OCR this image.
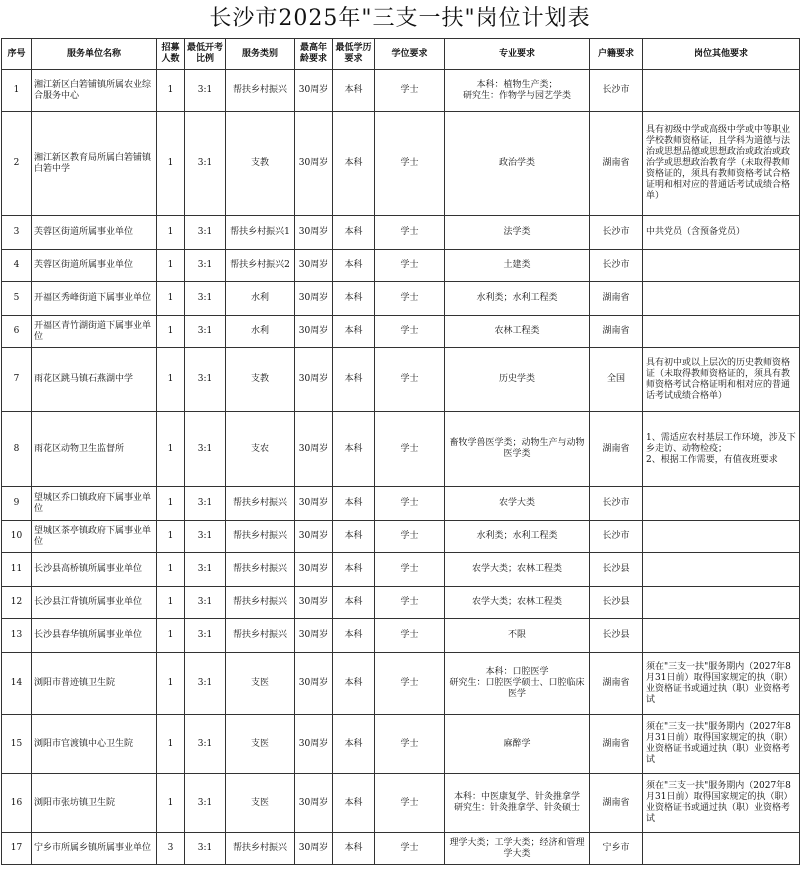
长沙市2025年"三支一扶"岗位计划表
序号	服务单位名称	招募人数	最低开考比例	服务类别	最高年龄要求	最低学历要求	学位要求	专业要求	户籍要求	岗位其他要求
1	湘江新区白箬铺镇所属农业综合服务中心	1	3:1	帮扶乡村振兴	30周岁	本科	学士	本科：植物生产类；
研究生：作物学与园艺学类	长沙市	
2	湘江新区教育局所属白箬铺镇白箬中学	1	3:1	支教	30周岁	本科	学士	政治学类	湖南省	具有初级中学或高级中学或中等职业学校教师资格证，且学科为道德与法治或思想品德或思想政治或政治或政治学或思想政治教育学（未取得教师资格证的，须具有教师资格考试合格证明和相对应的普通话考试成绩合格单）
3	芙蓉区街道所属事业单位	1	3:1	帮扶乡村振兴1	30周岁	本科	学士	法学类	长沙市	中共党员（含预备党员）
4	芙蓉区街道所属事业单位	1	3:1	帮扶乡村振兴2	30周岁	本科	学士	土建类	长沙市	
5	开福区秀峰街道下属事业单位	1	3:1	水利	30周岁	本科	学士	水利类；水利工程类	湖南省	
6	开福区青竹湖街道下属事业单位	1	3:1	水利	30周岁	本科	学士	农林工程类	湖南省	
7	雨花区跳马镇石燕湖中学	1	3:1	支教	30周岁	本科	学士	历史学类	全国	具有初中或以上层次的历史教师资格证（未取得教师资格证的，须具有教师资格考试合格证明和相对应的普通话考试成绩合格单）
8	雨花区动物卫生监督所	1	3:1	支农	30周岁	本科	学士	畜牧学兽医学类；动物生产与动物医学类	湖南省	1、需适应农村基层工作环境，涉及下乡走访、动物检疫；
2、根据工作需要，有值夜班要求
9	望城区乔口镇政府下属事业单位	1	3:1	帮扶乡村振兴	30周岁	本科	学士	农学大类	长沙市	
10	望城区茶亭镇政府下属事业单位	1	3:1	帮扶乡村振兴	30周岁	本科	学士	水利类；水利工程类	长沙市	
11	长沙县高桥镇所属事业单位	1	3:1	帮扶乡村振兴	30周岁	本科	学士	农学大类；农林工程类	长沙县	
12	长沙县江背镇所属事业单位	1	3:1	帮扶乡村振兴	30周岁	本科	学士	农学大类；农林工程类	长沙县	
13	长沙县春华镇所属事业单位	1	3:1	帮扶乡村振兴	30周岁	本科	学士	不限	长沙县	
14	浏阳市普迹镇卫生院	1	3:1	支医	30周岁	本科	学士	本科：口腔医学
研究生：口腔医学硕士、口腔临床医学	湖南省	须在"三支一扶"服务期内（2027年8月31日前）取得国家规定的执（职）业资格证书或通过执（职）业资格考试
15	浏阳市官渡镇中心卫生院	1	3:1	支医	30周岁	本科	学士	麻醉学	湖南省	须在"三支一扶"服务期内（2027年8月31日前）取得国家规定的执（职）业资格证书或通过执（职）业资格考试
16	浏阳市张坊镇卫生院	1	3:1	支医	30周岁	本科	学士	本科：中医康复学、针灸推拿学
研究生：针灸推拿学、针灸硕士	湖南省	须在"三支一扶"服务期内（2027年8月31日前）取得国家规定的执（职）业资格证书或通过执（职）业资格考试
17	宁乡市所属乡镇所属事业单位	3	3:1	帮扶乡村振兴	30周岁	本科	学士	理学大类；工学大类；经济和管理学大类	宁乡市	
